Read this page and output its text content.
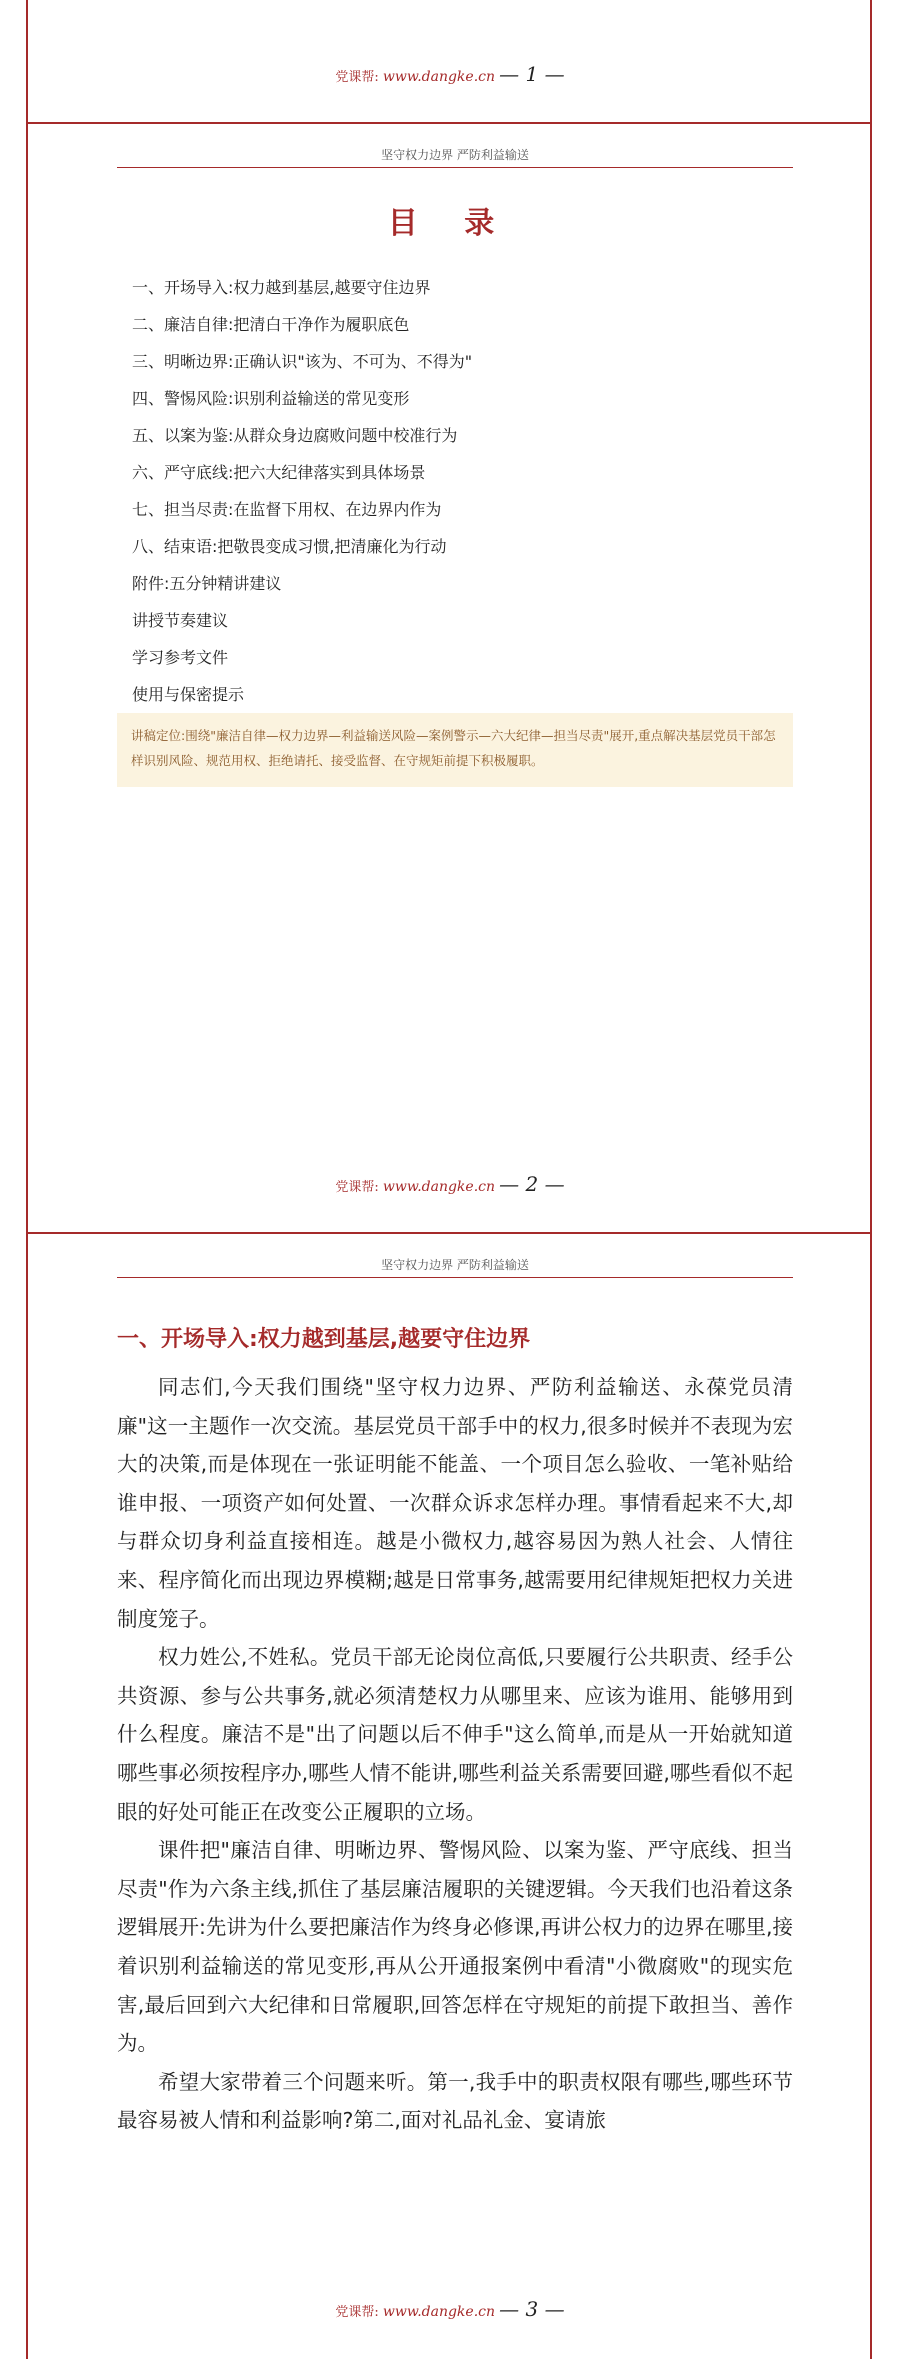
党课帮: www.dangke.cn — 1 —
坚守权力边界 严防利益输送
目 录
一、开场导入:权力越到基层,越要守住边界
二、廉洁自律:把清白干净作为履职底色
三、明晰边界:正确认识"该为、不可为、不得为"
四、警惕风险:识别利益输送的常见变形
五、以案为鉴:从群众身边腐败问题中校准行为
六、严守底线:把六大纪律落实到具体场景
七、担当尽责:在监督下用权、在边界内作为
八、结束语:把敬畏变成习惯,把清廉化为行动
附件:五分钟精讲建议
讲授节奏建议
学习参考文件
使用与保密提示
讲稿定位:围绕"廉洁自律—权力边界—利益输送风险—案例警示—六大纪律—担当尽责"展开,重点解决基层党员干部怎样识别风险、规范用权、拒绝请托、接受监督、在守规矩前提下积极履职。
党课帮: www.dangke.cn — 2 —
坚守权力边界 严防利益输送
一、开场导入:权力越到基层,越要守住边界

同志们,今天我们围绕"坚守权力边界、严防利益输送、永葆党员清廉"这一主题作一次交流。基层党员干部手中的权力,很多时候并不表现为宏大的决策,而是体现在一张证明能不能盖、一个项目怎么验收、一笔补贴给谁申报、一项资产如何处置、一次群众诉求怎样办理。事情看起来不大,却与群众切身利益直接相连。越是小微权力,越容易因为熟人社会、人情往来、程序简化而出现边界模糊;越是日常事务,越需要用纪律规矩把权力关进制度笼子。

权力姓公,不姓私。党员干部无论岗位高低,只要履行公共职责、经手公共资源、参与公共事务,就必须清楚权力从哪里来、应该为谁用、能够用到什么程度。廉洁不是"出了问题以后不伸手"这么简单,而是从一开始就知道哪些事必须按程序办,哪些人情不能讲,哪些利益关系需要回避,哪些看似不起眼的好处可能正在改变公正履职的立场。

课件把"廉洁自律、明晰边界、警惕风险、以案为鉴、严守底线、担当尽责"作为六条主线,抓住了基层廉洁履职的关键逻辑。今天我们也沿着这条逻辑展开:先讲为什么要把廉洁作为终身必修课,再讲公权力的边界在哪里,接着识别利益输送的常见变形,再从公开通报案例中看清"小微腐败"的现实危害,最后回到六大纪律和日常履职,回答怎样在守规矩的前提下敢担当、善作为。

希望大家带着三个问题来听。第一,我手中的职责权限有哪些,哪些环节最容易被人情和利益影响?第二,面对礼品礼金、宴请旅

党课帮: www.dangke.cn — 3 —
